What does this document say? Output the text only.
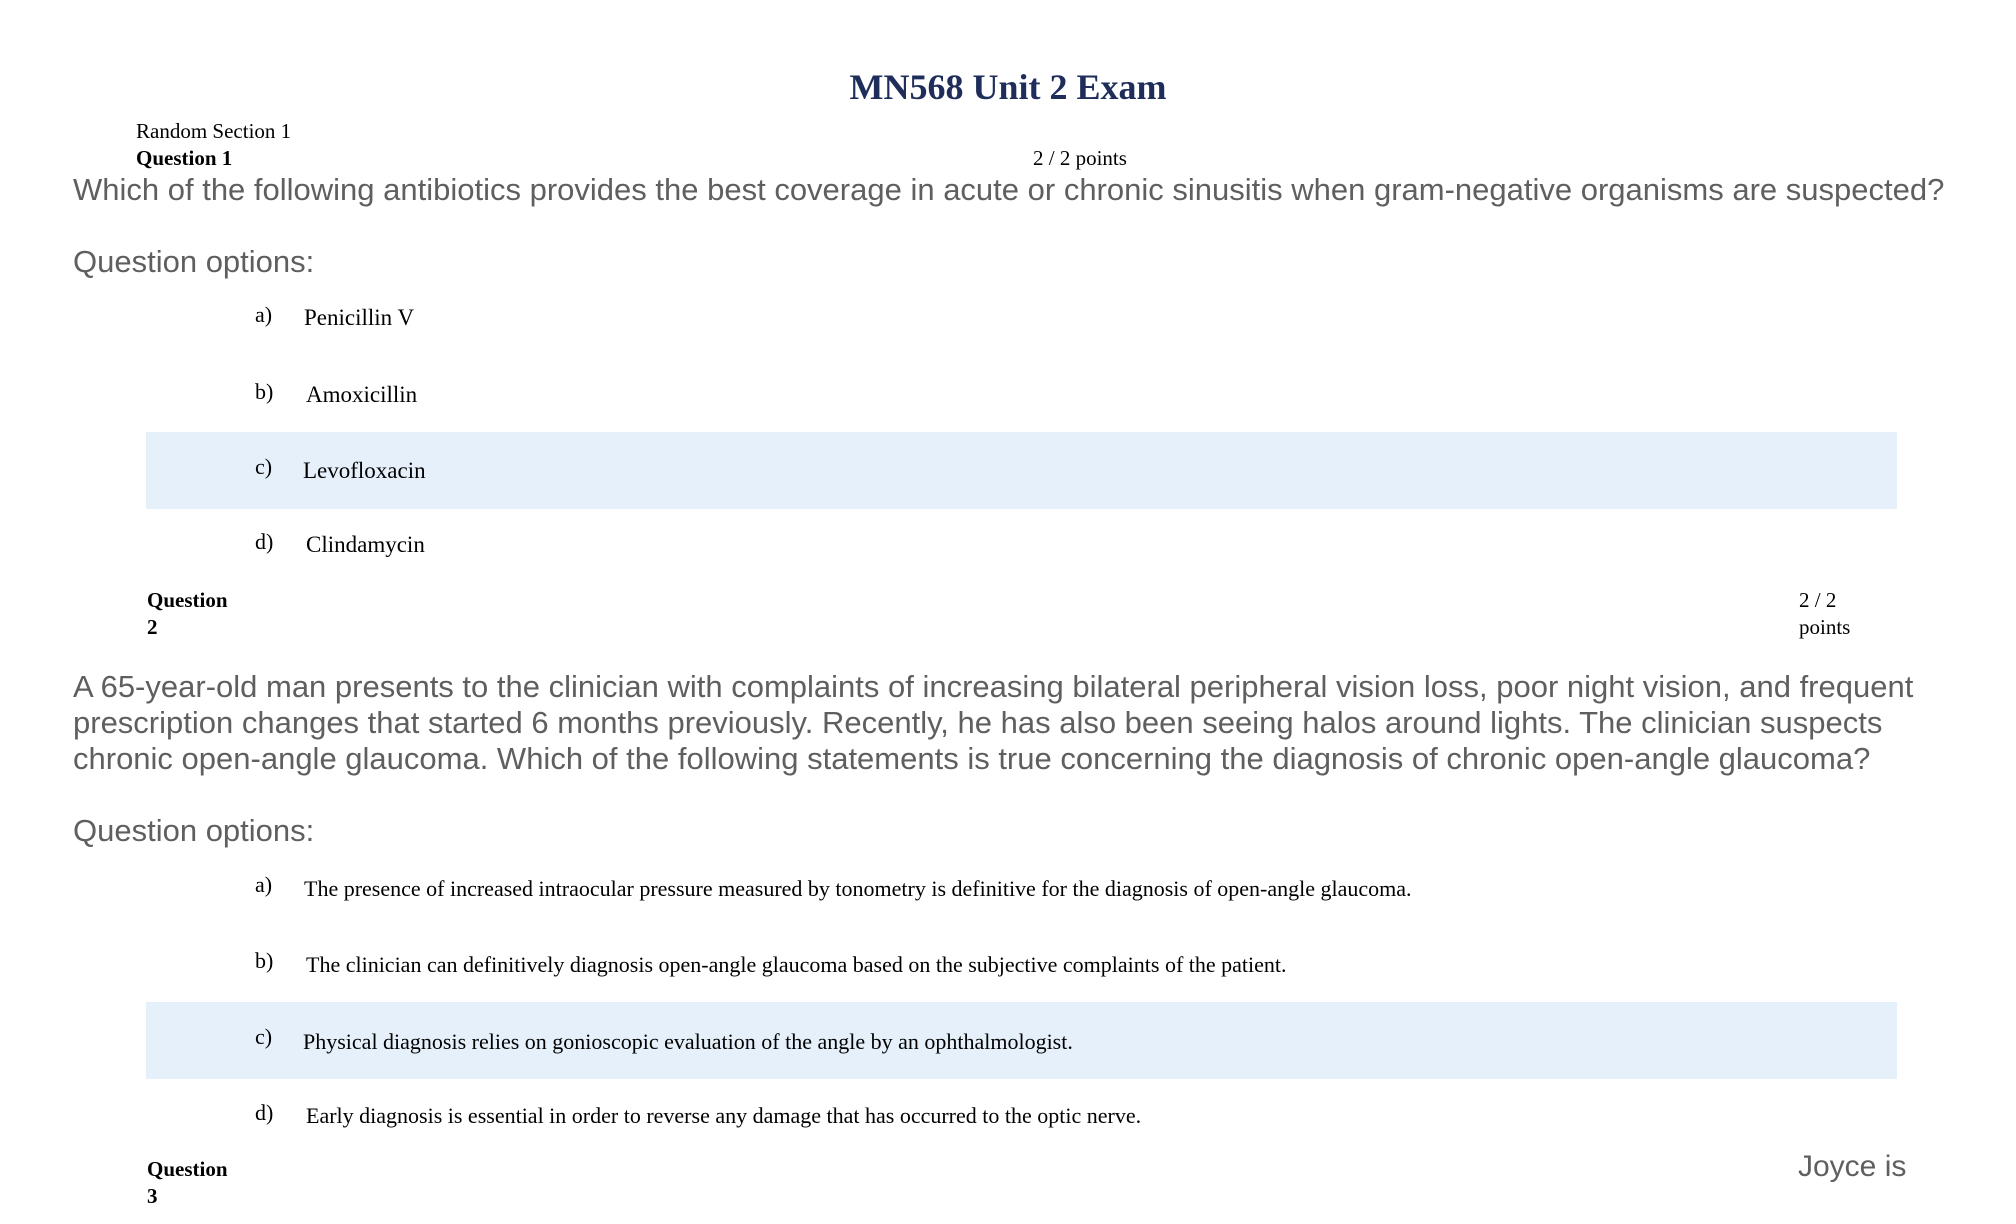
MN568 Unit 2 Exam
Random Section 1
Question 1	2 / 2 points
Which of the following antibiotics provides the best coverage in acute or chronic sinusitis when gram-negative organisms are suspected?
Question options:
a) Penicillin V
b) Amoxicillin
c) Levofloxacin
d) Clindamycin
Question
2
2 / 2
points
A 65-year-old man presents to the clinician with complaints of increasing bilateral peripheral vision loss, poor night vision, and frequent prescription changes that started 6 months previously. Recently, he has also been seeing halos around lights. The clinician suspects chronic open-angle glaucoma. Which of the following statements is true concerning the diagnosis of chronic open-angle glaucoma?
Question options:
a) The presence of increased intraocular pressure measured by tonometry is definitive for the diagnosis of open-angle glaucoma.
b) The clinician can definitively diagnosis open-angle glaucoma based on the subjective complaints of the patient.
c) Physical diagnosis relies on gonioscopic evaluation of the angle by an ophthalmologist.
d) Early diagnosis is essential in order to reverse any damage that has occurred to the optic nerve.
Question
3
Joyce is
